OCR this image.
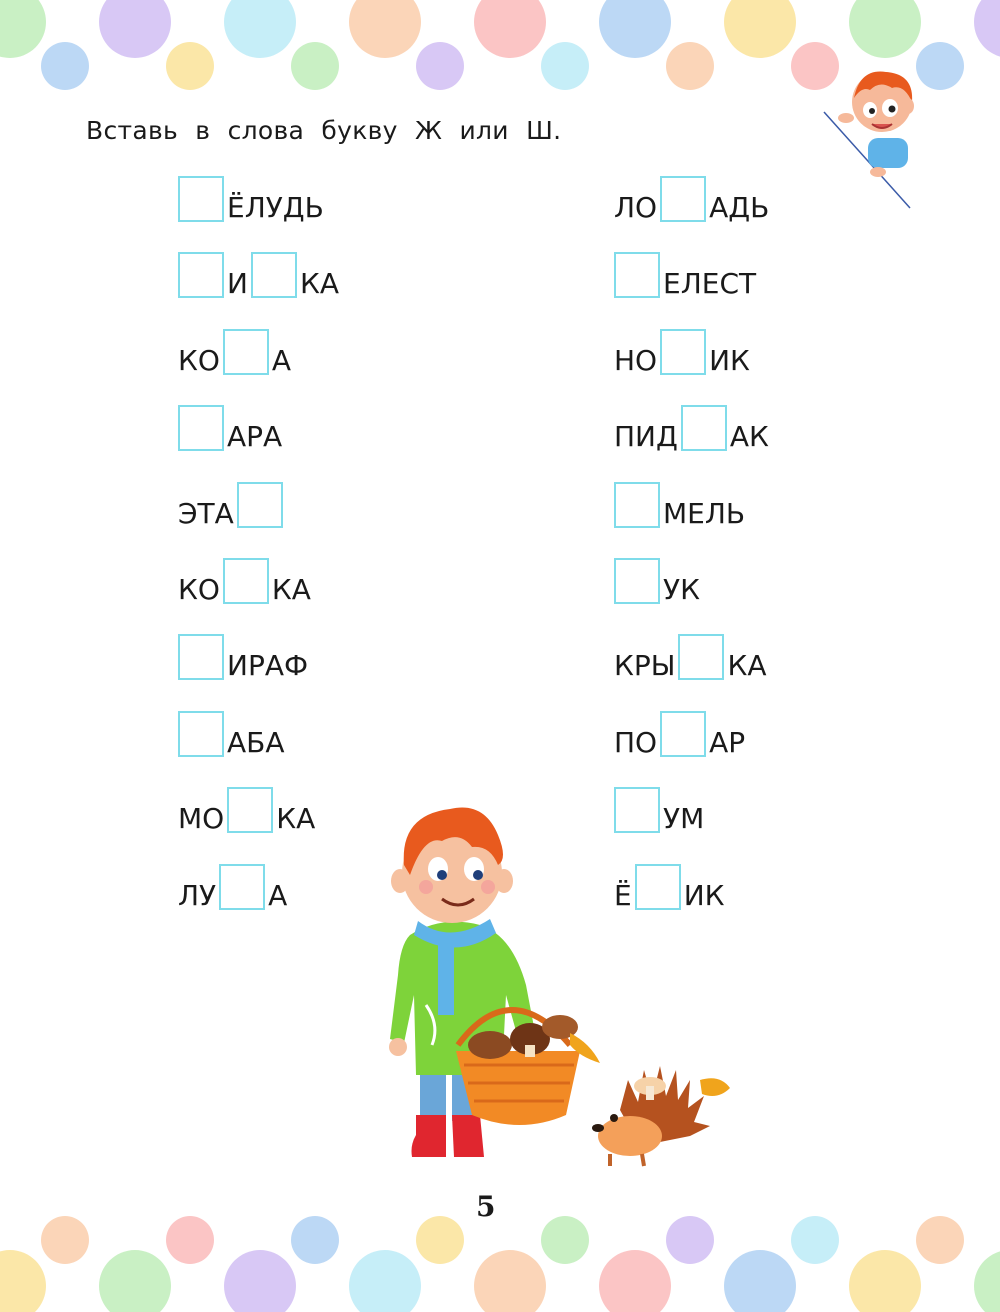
Вставь в слова букву Ж или Ш.
ЁЛУДЬ
И КА
КО А
АРА
ЭТА
КО КА
ИРАФ
АБА
МО КА
ЛУ А
ЛО АДЬ
ЕЛЕСТ
НО ИК
ПИД АК
МЕЛЬ
УК
КРЫ КА
ПО АР
УМ
Ё ИК
5
